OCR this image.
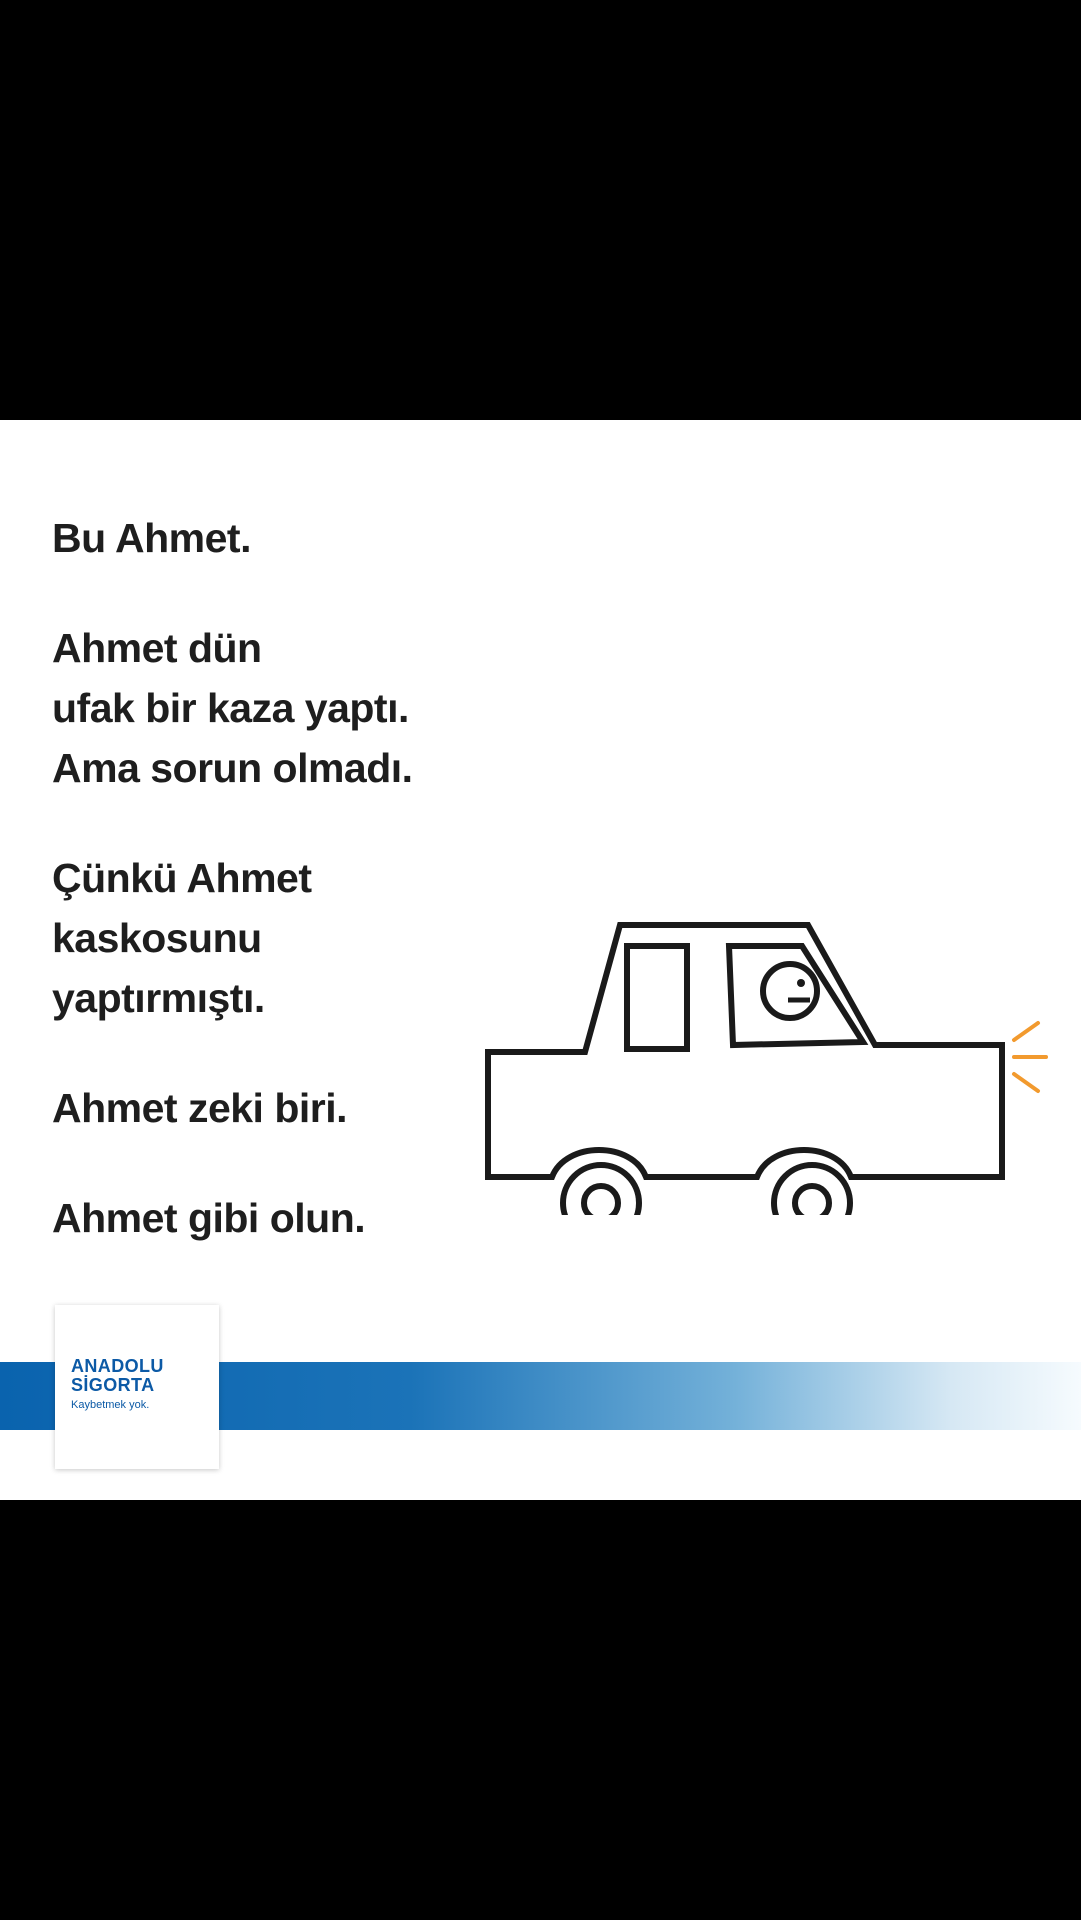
Bu Ahmet.

Ahmet dün
ufak bir kaza yaptı.
Ama sorun olmadı.

Çünkü Ahmet
kaskosunu
yaptırmıştı.

Ahmet zeki biri.

Ahmet gibi olun.

ANADOLU
SİGORTA
Kaybetmek yok.
